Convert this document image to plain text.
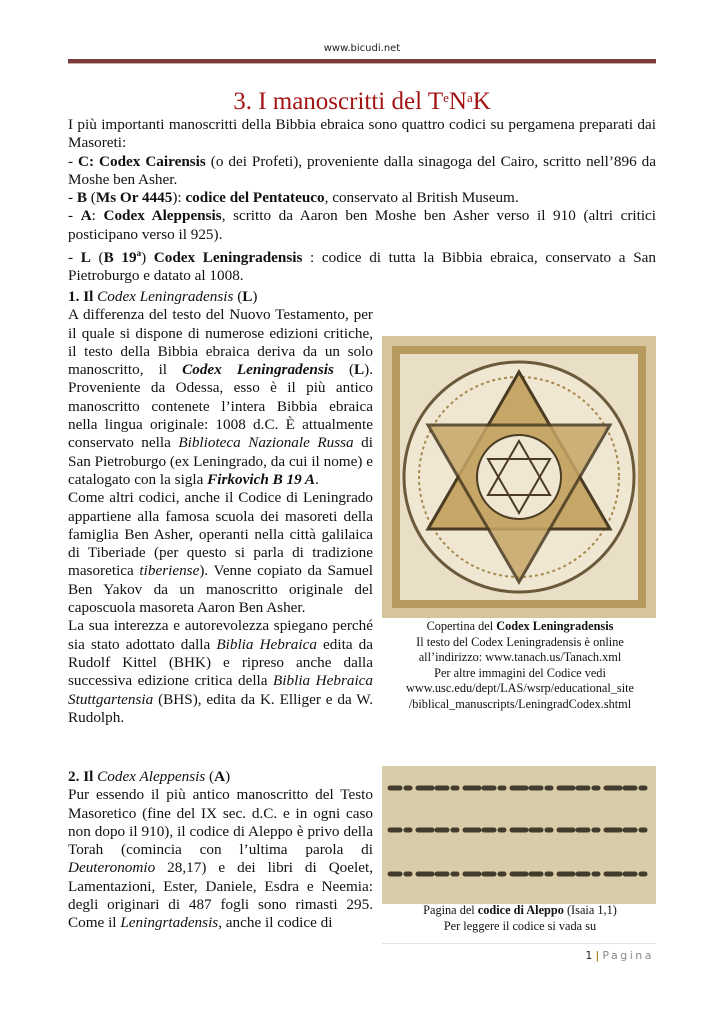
www.bicudi.net
3. I manoscritti del $T^eN^aK$

I più importanti manoscritti della Bibbia ebraica sono quattro codici su pergamena preparati dai Masoreti:

- C: Codex Cairensis (o dei Profeti), proveniente dalla sinagoga del Cairo, scritto nell’896 da Moshe ben Asher.

- B (Ms Or 4445): codice del Pentateuco, conservato al British Museum.

- A: Codex Aleppensis, scritto da Aaron ben Moshe ben Asher verso il 910 (altri critici posticipano verso il 925).

- L (B 19$^a$) Codex Leningradensis : codice di tutta la Bibbia ebraica, conservato a San Pietroburgo e datato al 1008.

1. Il Codex Leningradensis (L)

A differenza del testo del Nuovo Testamento, per il quale si dispone di numerose edizioni critiche, il testo della Bibbia ebraica deriva da un solo manoscritto, il Codex Leningradensis (L). Proveniente da Odessa, esso è il più antico manoscritto contenete l’intera Bibbia ebraica nella lingua originale: 1008 d.C. È attualmente conservato nella Biblioteca Nazionale Russa di San Pietroburgo (ex Leningrado, da cui il nome) e catalogato con la sigla Firkovich B 19 A.

Come altri codici, anche il Codice di Leningrado appartiene alla famosa scuola dei masoreti della famiglia Ben Asher, operanti nella città galilaica di Tiberiade (per questo si parla di tradizione masoretica tiberiense). Venne copiato da Samuel Ben Yakov da un manoscritto originale del caposcuola masoreta Aaron Ben Asher.

La sua interezza e autorevolezza spiegano perché sia stato adottato dalla Biblia Hebraica edita da Rudolf Kittel (BHK) e ripreso anche dalla successiva edizione critica della Biblia Hebraica Stuttgartensia (BHS), edita da K. Elliger e da W. Rudolph.

2. Il Codex Aleppensis (A)

Pur essendo il più antico manoscritto del Testo Masoretico (fine del IX sec. d.C. e in ogni caso non dopo il 910), il codice di Aleppo è privo della Torah (comincia con l’ultima parola di Deuteronomio 28,17) e dei libri di Qoelet, Lamentazioni, Ester, Daniele, Esdra e Neemia: degli originari di 487 fogli sono rimasti 295. Come il Leningrtadensis, anche il codice di

Copertina del Codex Leningradensis
Il testo del Codex Leningradensis è online
all’indirizzo: www.tanach.us/Tanach.xml
Per altre immagini del Codice vedi
www.usc.edu/dept/LAS/wsrp/educational_site
/biblical_manuscripts/LeningradCodex.shtml
Pagina del codice di Aleppo (Isaia 1,1)
Per leggere il codice si vada su
1 | Pagina
